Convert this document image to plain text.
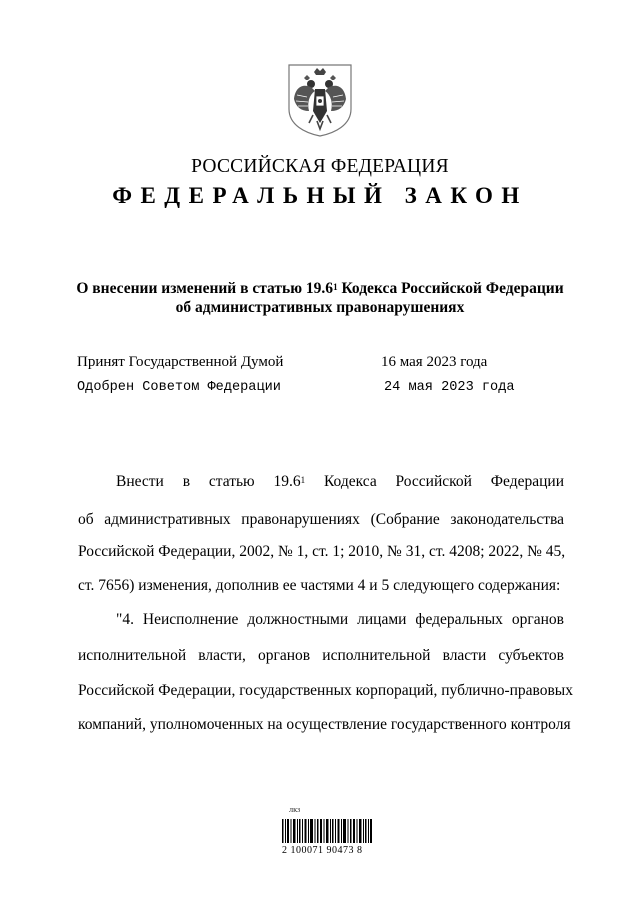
РОССИЙСКАЯ ФЕДЕРАЦИЯ
ФЕДЕРАЛЬНЫЙ ЗАКОН
О внесении изменений в статью 19.6$^1$ Кодекса Российской Федерации
об административных правонарушениях
Принят Государственной Думой	16 мая 2023 года
Одобрен Советом Федерации	24 мая 2023 года
Внести в статью 19.6$^1$ Кодекса Российской Федерации
об административных правонарушениях (Собрание законодательства
Российской Федерации, 2002, № 1, ст. 1; 2010, № 31, ст. 4208; 2022, № 45,
ст. 7656) изменения, дополнив ее частями 4 и 5 следующего содержания:
"4. Неисполнение должностными лицами федеральных органов
исполнительной власти, органов исполнительной власти субъектов
Российской Федерации, государственных корпораций, публично-правовых
компаний, уполномоченных на осуществление государственного контроля
ЛКЗ
2 100071 90473 8
